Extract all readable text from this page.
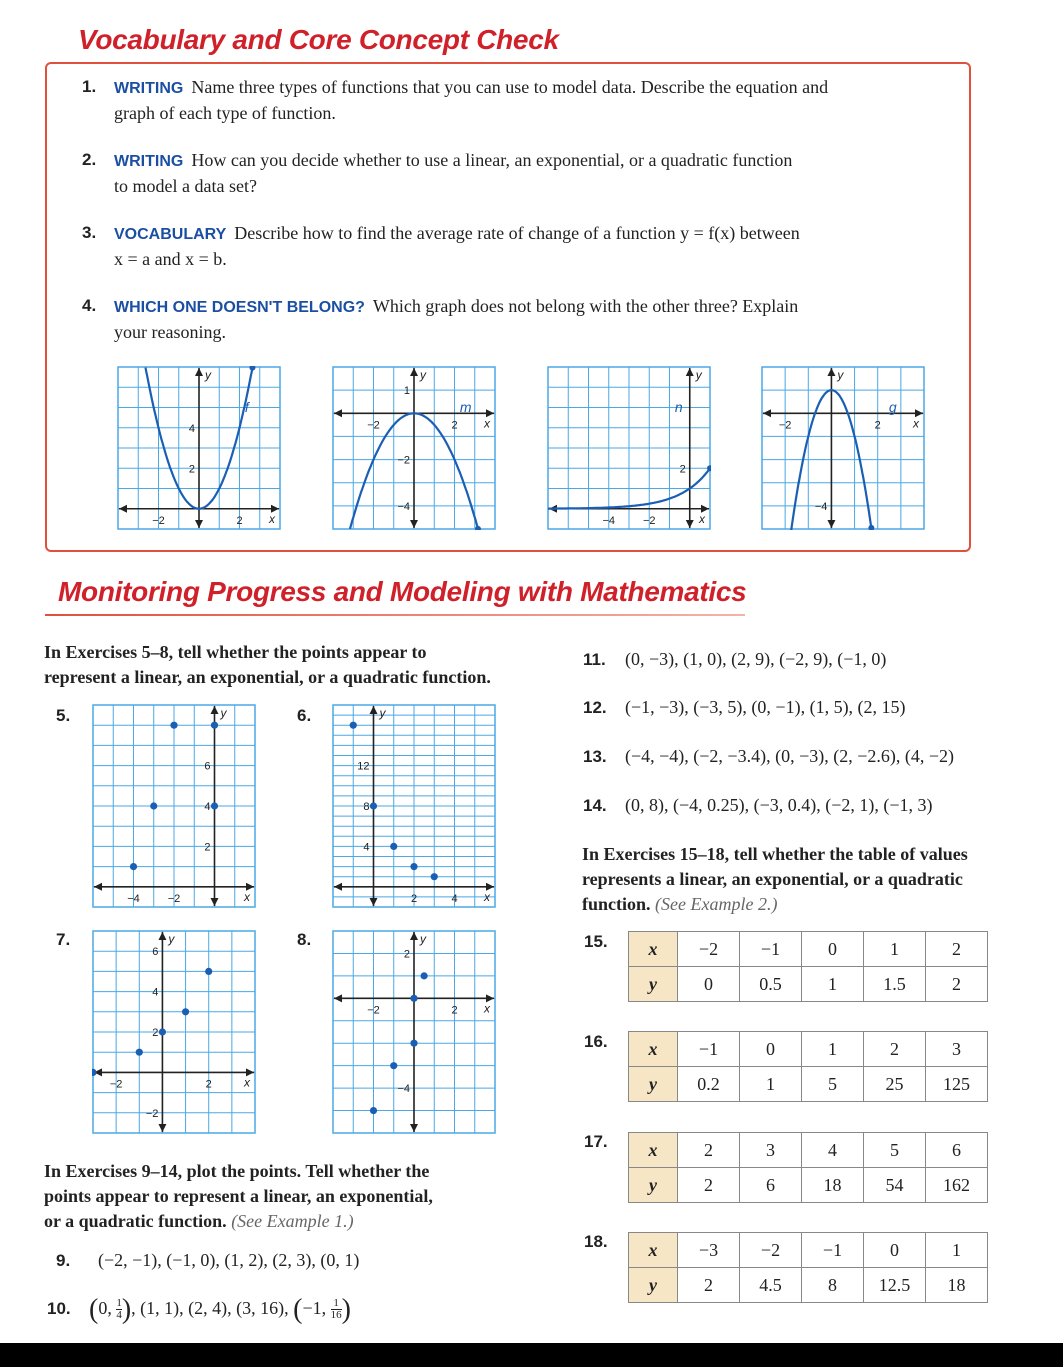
Vocabulary and Core Concept Check
1. WRITING Name three types of functions that you can use to model data. Describe the equation and
graph of each type of function.
2. WRITING How can you decide whether to use a linear, an exponential, or a quadratic function
to model a data set?
3. VOCABULARY Describe how to find the average rate of change of a function y = f(x) between
x = a and x = b.
4. WHICH ONE DOESN'T BELONG? Which graph does not belong with the other three? Explain
your reasoning.
x
y
−2	2
2
4
f
x
y
−2	2
1
−2
−4
m
x
y
−4	−2
2
n
x
y
−2	2
−4
g
Monitoring Progress and Modeling with Mathematics
In Exercises 5–8, tell whether the points appear to
represent a linear, an exponential, or a quadratic function.
5.	6.
7.	8.
x
y
−4	−2
2
4
6
x
y
2	4
4
8
12
x
y
−2	2
−2
2
4
6
x
y
−2	2
2
−4
In Exercises 9–14, plot the points. Tell whether the
points appear to represent a linear, an exponential,
or a quadratic function. (See Example 1.)
9. (−2, −1), (−1, 0), (1, 2), (2, 3), (0, 1)
10. (0, $\frac{1}{4}$ ), (1, 1), (2, 4), (3, 16), (−1, $\frac{1}{16}$ )
11. (0, −3), (1, 0), (2, 9), (−2, 9), (−1, 0)
12. (−1, −3), (−3, 5), (0, −1), (1, 5), (2, 15)
13. (−4, −4), (−2, −3.4), (0, −3), (2, −2.6), (4, −2)
14. (0, 8), (−4, 0.25), (−3, 0.4), (−2, 1), (−1, 3)
In Exercises 15–18, tell whether the table of values
represents a linear, an exponential, or a quadratic
function. (See Example 2.)
15. x	−2	−1	0	1	2
y	0	0.5	1	1.5	2
16. x	−1	0	1	2	3
y	0.2	1	5	25	125
17. x	2	3	4	5	6
y	2	6	18	54	162
18. x	−3	−2	−1	0	1
y	2	4.5	8	12.5	18
